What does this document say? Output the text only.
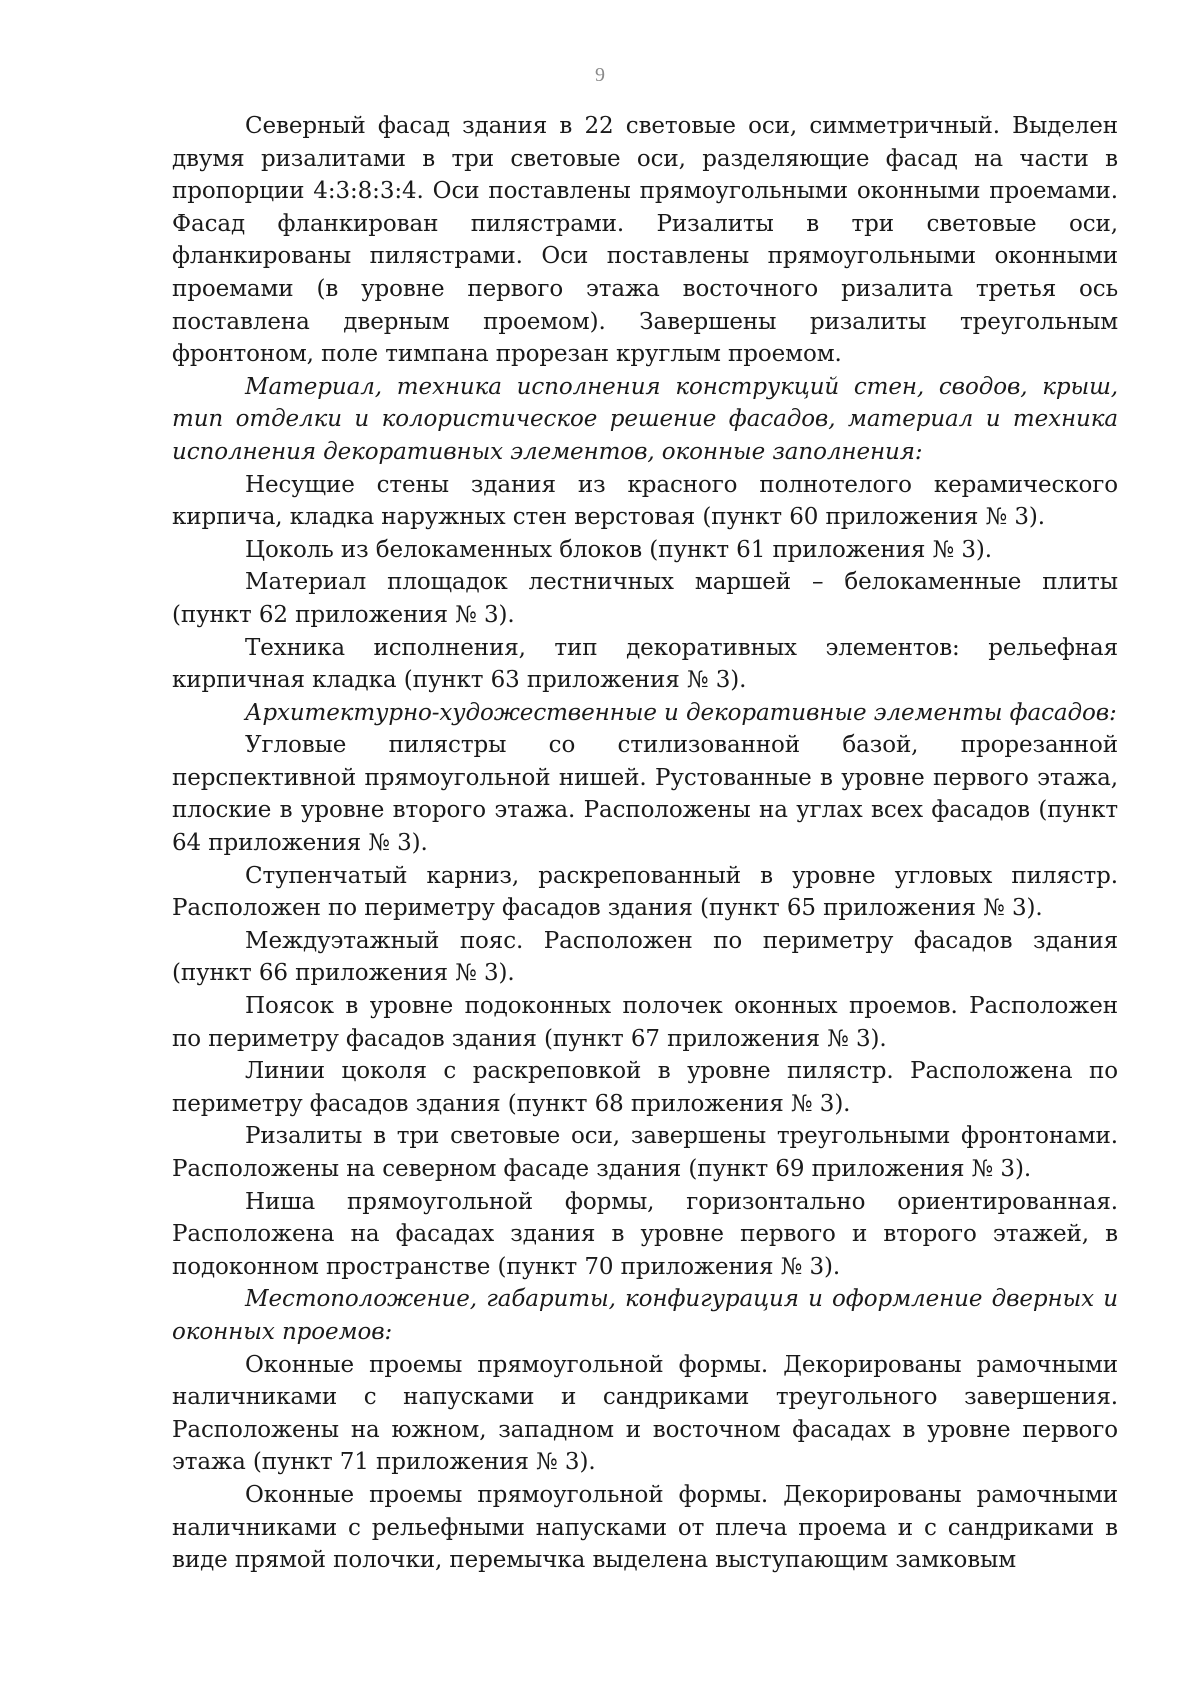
9

Северный фасад здания в 22 световые оси, симметричный. Выделен двумя ризалитами в три световые оси, разделяющие фасад на части в пропорции 4:3:8:3:4. Оси поставлены прямоугольными оконными проемами. Фасад фланкирован пилястрами. Ризалиты в три световые оси, фланкированы пилястрами. Оси поставлены прямоугольными оконными проемами (в уровне первого этажа восточного ризалита третья ось поставлена дверным проемом). Завершены ризалиты треугольным фронтоном, поле тимпана прорезан круглым проемом.

Материал, техника исполнения конструкций стен, сводов, крыш, тип отделки и колористическое решение фасадов, материал и техника исполнения декоративных элементов, оконные заполнения:

Несущие стены здания из красного полнотелого керамического кирпича, кладка наружных стен верстовая (пункт 60 приложения № 3).

Цоколь из белокаменных блоков (пункт 61 приложения № 3).

Материал площадок лестничных маршей – белокаменные плиты (пункт 62 приложения № 3).

Техника исполнения, тип декоративных элементов: рельефная кирпичная кладка (пункт 63 приложения № 3).

Архитектурно-художественные и декоративные элементы фасадов:

Угловые пилястры со стилизованной базой, прорезанной перспективной прямоугольной нишей. Рустованные в уровне первого этажа, плоские в уровне второго этажа. Расположены на углах всех фасадов (пункт 64 приложения № 3).

Ступенчатый карниз, раскрепованный в уровне угловых пилястр. Расположен по периметру фасадов здания (пункт 65 приложения № 3).

Междуэтажный пояс. Расположен по периметру фасадов здания (пункт 66 приложения № 3).

Поясок в уровне подоконных полочек оконных проемов. Расположен по периметру фасадов здания (пункт 67 приложения № 3).

Линии цоколя с раскреповкой в уровне пилястр. Расположена по периметру фасадов здания (пункт 68 приложения № 3).

Ризалиты в три световые оси, завершены треугольными фронтонами. Расположены на северном фасаде здания (пункт 69 приложения № 3).

Ниша прямоугольной формы, горизонтально ориентированная. Расположена на фасадах здания в уровне первого и второго этажей, в подоконном пространстве (пункт 70 приложения № 3).

Местоположение, габариты, конфигурация и оформление дверных и оконных проемов:

Оконные проемы прямоугольной формы. Декорированы рамочными наличниками с напусками и сандриками треугольного завершения. Расположены на южном, западном и восточном фасадах в уровне первого этажа (пункт 71 приложения № 3).

Оконные проемы прямоугольной формы. Декорированы рамочными наличниками с рельефными напусками от плеча проема и с сандриками в виде прямой полочки, перемычка выделена выступающим замковым
